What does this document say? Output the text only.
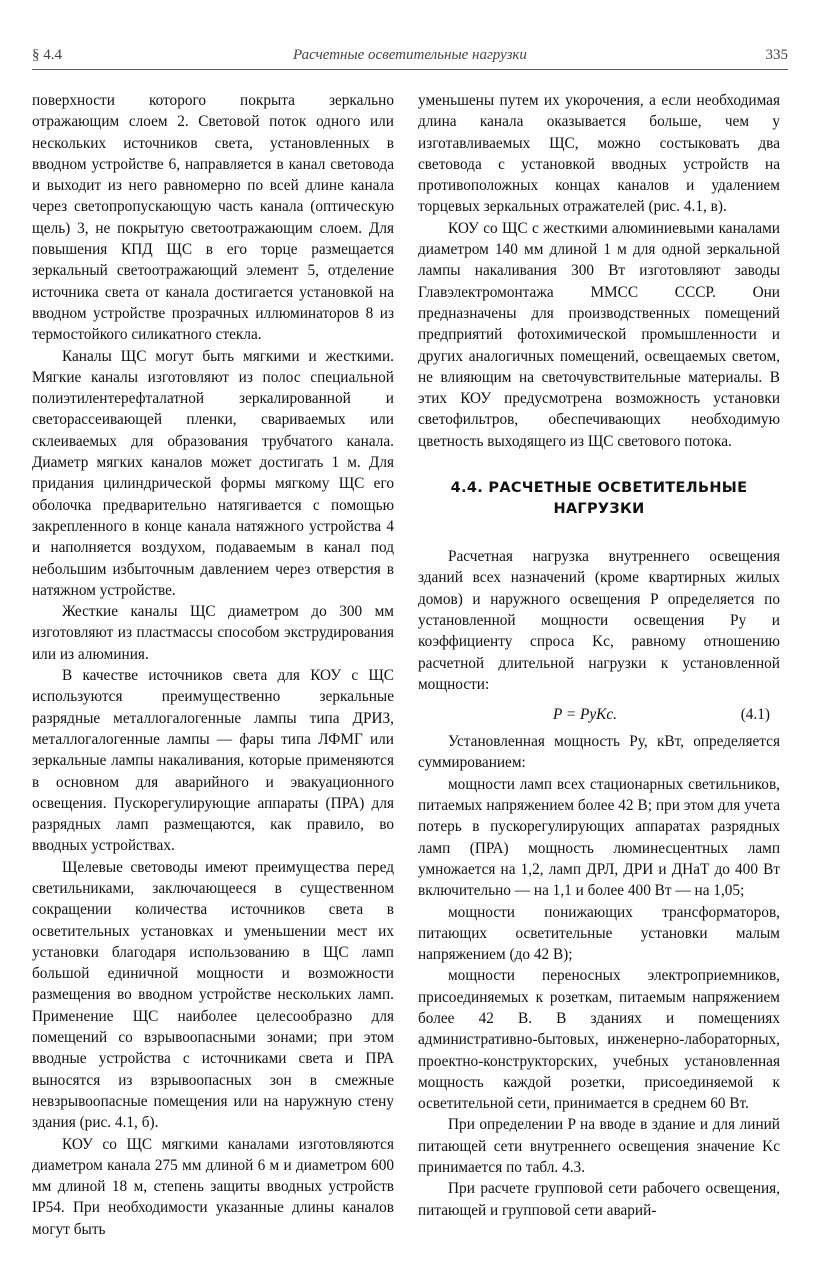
§ 4.4	Расчетные осветительные нагрузки	335

поверхности которого покрыта зеркально отражающим слоем 2. Световой поток одного или нескольких источников света, установленных в вводном устройстве 6, направляется в канал световода и выходит из него равномерно по всей длине канала через светопропускающую часть канала (оптическую щель) 3, не покрытую светоотражающим слоем. Для повышения КПД ЩС в его торце размещается зеркальный светоотражающий элемент 5, отделение источника света от канала достигается установкой на вводном устройстве прозрачных иллюминаторов 8 из термостойкого силикатного стекла.

Каналы ЩС могут быть мягкими и жесткими. Мягкие каналы изготовляют из полос специальной полиэтилентерефталатной зеркалированной и светорассеивающей пленки, свариваемых или склеиваемых для образования трубчатого канала. Диаметр мягких каналов может достигать 1 м. Для придания цилиндрической формы мягкому ЩС его оболочка предварительно натягивается с помощью закрепленного в конце канала натяжного устройства 4 и наполняется воздухом, подаваемым в канал под небольшим избыточным давлением через отверстия в натяжном устройстве.

Жесткие каналы ЩС диаметром до 300 мм изготовляют из пластмассы способом экструдирования или из алюминия.

В качестве источников света для КОУ с ЩС используются преимущественно зеркальные разрядные металлогалогенные лампы типа ДРИЗ, металлогалогенные лампы — фары типа ЛФМГ или зеркальные лампы накаливания, которые применяются в основном для аварийного и эвакуационного освещения. Пускорегулирующие аппараты (ПРА) для разрядных ламп размещаются, как правило, во вводных устройствах.

Щелевые световоды имеют преимущества перед светильниками, заключающееся в существенном сокращении количества источников света в осветительных установках и уменьшении мест их установки благодаря использованию в ЩС ламп большой единичной мощности и возможности размещения во вводном устройстве нескольких ламп. Применение ЩС наиболее целесообразно для помещений со взрывоопасными зонами; при этом вводные устройства с источниками света и ПРА выносятся из взрывоопасных зон в смежные невзрывоопасные помещения или на наружную стену здания (рис. 4.1, б).

КОУ со ЩС мягкими каналами изготовляются диаметром канала 275 мм длиной 6 м и диаметром 600 мм длиной 18 м, степень защиты вводных устройств IP54. При необходимости указанные длины каналов могут быть

уменьшены путем их укорочения, а если необходимая длина канала оказывается больше, чем у изготавливаемых ЩС, можно состыковать два световода с установкой вводных устройств на противоположных концах каналов и удалением торцевых зеркальных отражателей (рис. 4.1, в).

КОУ со ЩС с жесткими алюминиевыми каналами диаметром 140 мм длиной 1 м для одной зеркальной лампы накаливания 300 Вт изготовляют заводы Главэлектромонтажа ММСС СССР. Они предназначены для производственных помещений предприятий фотохимической промышленности и других аналогичных помещений, освещаемых светом, не влияющим на светочувствительные материалы. В этих КОУ предусмотрена возможность установки светофильтров, обеспечивающих необходимую цветность выходящего из ЩС светового потока.

4.4. РАСЧЕТНЫЕ ОСВЕТИТЕЛЬНЫЕ НАГРУЗКИ

Расчетная нагрузка внутреннего освещения зданий всех назначений (кроме квартирных жилых домов) и наружного освещения P определяется по установленной мощности освещения Pу и коэффициенту спроса Kс, равному отношению расчетной длительной нагрузки к установленной мощности:

P = PуKс.	(4.1)

Установленная мощность Pу, кВт, определяется суммированием:

мощности ламп всех стационарных светильников, питаемых напряжением более 42 В; при этом для учета потерь в пускорегулирующих аппаратах разрядных ламп (ПРА) мощность люминесцентных ламп умножается на 1,2, ламп ДРЛ, ДРИ и ДНаТ до 400 Вт включительно — на 1,1 и более 400 Вт — на 1,05;

мощности понижающих трансформаторов, питающих осветительные установки малым напряжением (до 42 В);

мощности переносных электроприемников, присоединяемых к розеткам, питаемым напряжением более 42 В. В зданиях и помещениях административно-бытовых, инженерно-лабораторных, проектно-конструкторских, учебных установленная мощность каждой розетки, присоединяемой к осветительной сети, принимается в среднем 60 Вт.

При определении P на вводе в здание и для линий питающей сети внутреннего освещения значение Kс принимается по табл. 4.3.

При расчете групповой сети рабочего освещения, питающей и групповой сети аварий-
